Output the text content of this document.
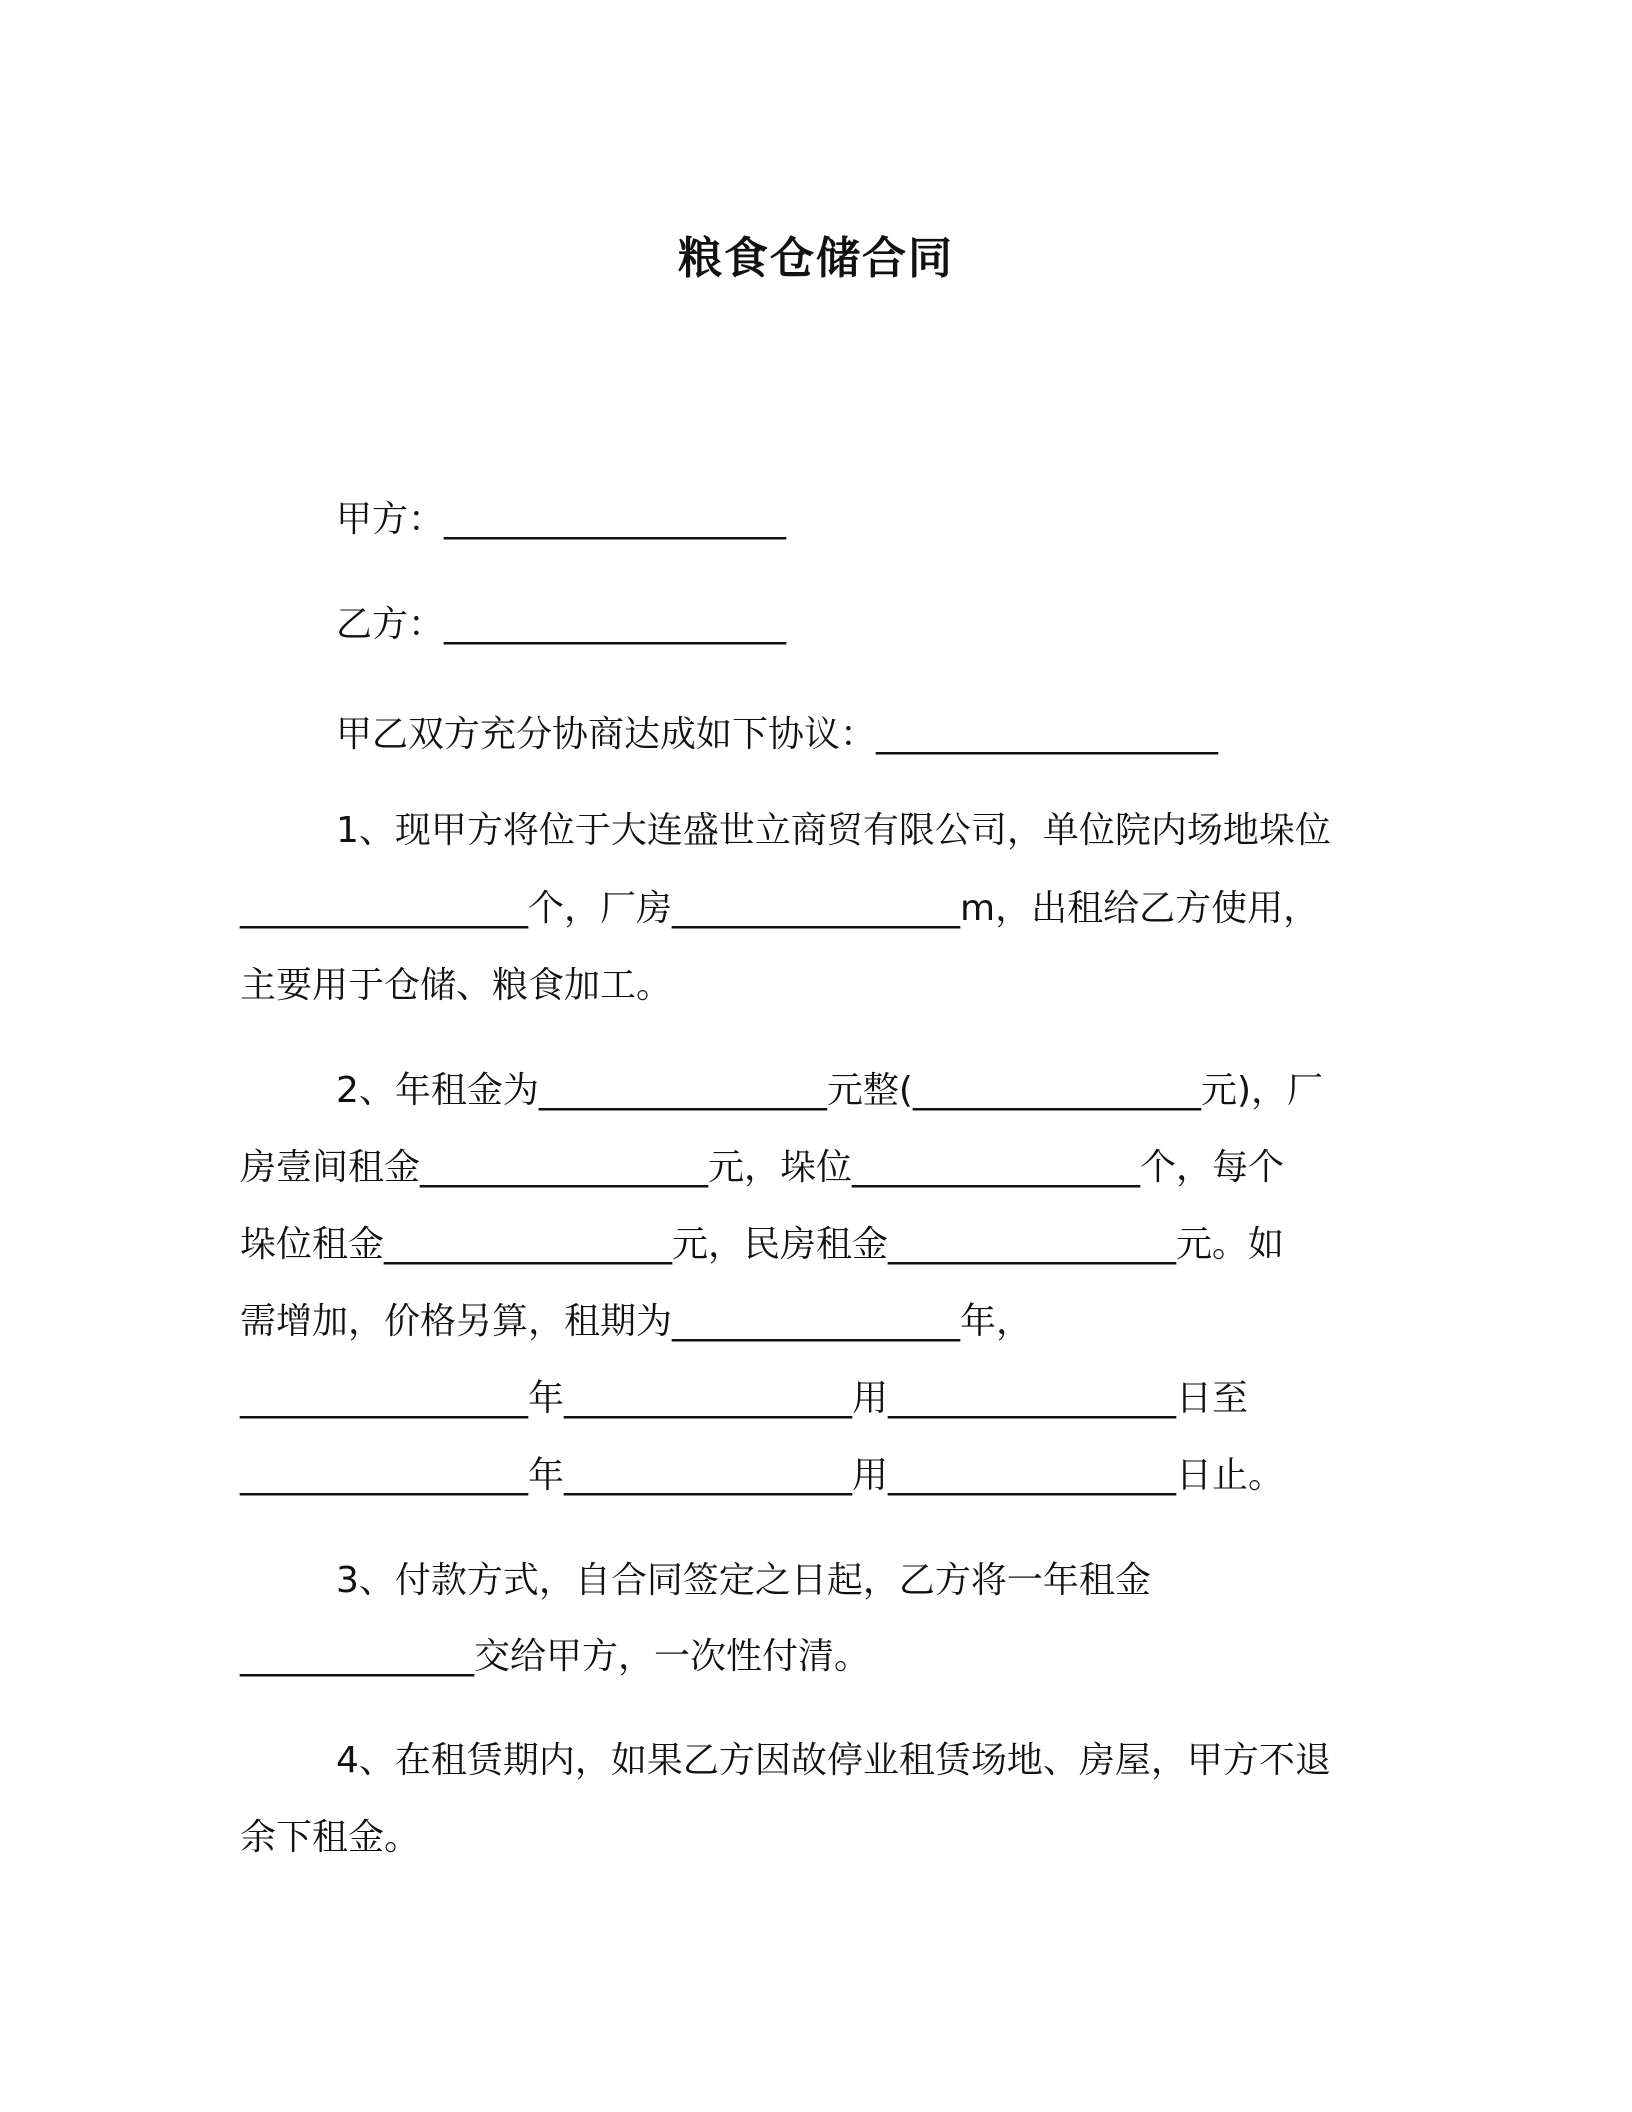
粮食仓储合同
甲方：___________________
乙方：___________________
甲乙双方充分协商达成如下协议：___________________
1、现甲方将位于大连盛世立商贸有限公司，单位院内场地垛位
________________个，厂房________________m，出租给乙方使用，
主要用于仓储、粮食加工。
2、年租金为________________元整(________________元)，厂
房壹间租金________________元，垛位________________个，每个
垛位租金________________元，民房租金________________元。如
需增加，价格另算，租期为________________年，
________________年________________用________________日至
________________年________________用________________日止。
3、付款方式，自合同签定之日起，乙方将一年租金
_____________交给甲方，一次性付清。
4、在租赁期内，如果乙方因故停业租赁场地、房屋，甲方不退
余下租金。
